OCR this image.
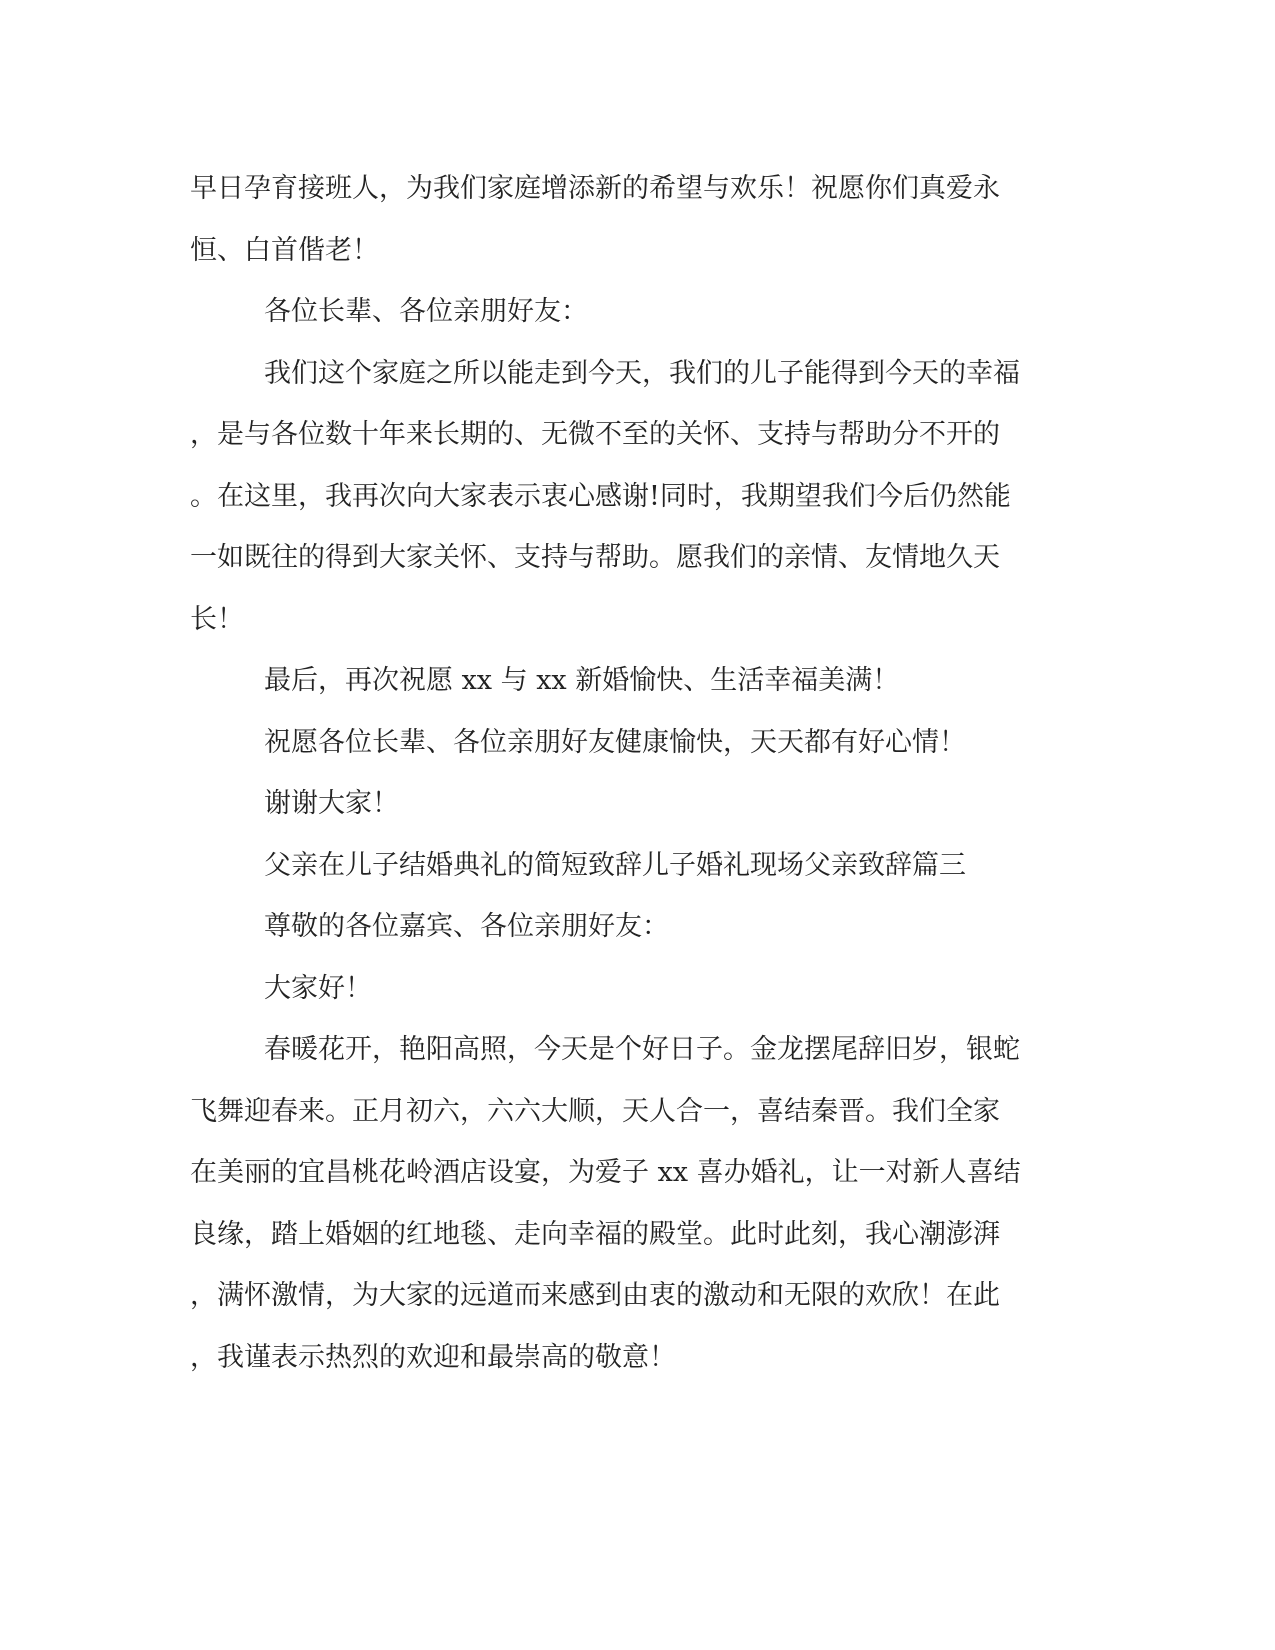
早日孕育接班人，为我们家庭增添新的希望与欢乐！祝愿你们真爱永
恒、白首偕老！
各位长辈、各位亲朋好友：
我们这个家庭之所以能走到今天，我们的儿子能得到今天的幸福
，是与各位数十年来长期的、无微不至的关怀、支持与帮助分不开的
。在这里，我再次向大家表示衷心感谢!同时，我期望我们今后仍然能
一如既往的得到大家关怀、支持与帮助。愿我们的亲情、友情地久天
长！
最后，再次祝愿 xx 与 xx 新婚愉快、生活幸福美满！
祝愿各位长辈、各位亲朋好友健康愉快，天天都有好心情！
谢谢大家！
父亲在儿子结婚典礼的简短致辞儿子婚礼现场父亲致辞篇三
尊敬的各位嘉宾、各位亲朋好友：
大家好！
春暖花开，艳阳高照，今天是个好日子。金龙摆尾辞旧岁，银蛇
飞舞迎春来。正月初六，六六大顺，天人合一，喜结秦晋。我们全家
在美丽的宜昌桃花岭酒店设宴，为爱子 xx 喜办婚礼，让一对新人喜结
良缘，踏上婚姻的红地毯、走向幸福的殿堂。此时此刻，我心潮澎湃
，满怀激情，为大家的远道而来感到由衷的激动和无限的欢欣！在此
，我谨表示热烈的欢迎和最崇高的敬意！
